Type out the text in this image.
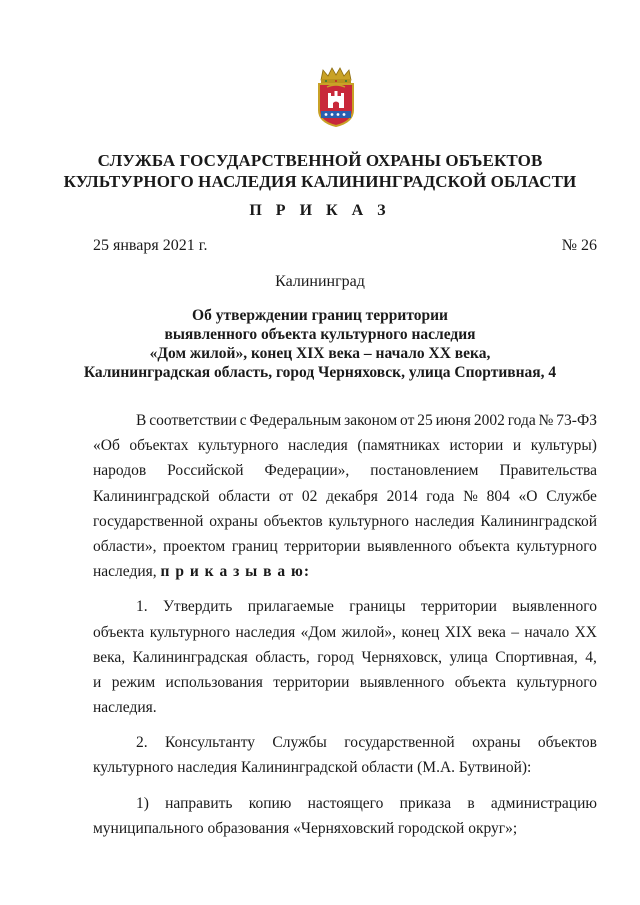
СЛУЖБА ГОСУДАРСТВЕННОЙ ОХРАНЫ ОБЪЕКТОВ
КУЛЬТУРНОГО НАСЛЕДИЯ КАЛИНИНГРАДСКОЙ ОБЛАСТИ
П Р И К А З
25 января 2021 г.	№ 26
Калининград
Об утверждении границ территории
выявленного объекта культурного наследия
«Дом жилой», конец XIX века – начало XX века,
Калининградская область, город Черняховск, улица Спортивная, 4
В соответствии с Федеральным законом от 25 июня 2002 года № 73-ФЗ
«Об объектах культурного наследия (памятниках истории и культуры)
народов Российской Федерации», постановлением Правительства
Калининградской области от 02 декабря 2014 года № 804 «О Службе
государственной охраны объектов культурного наследия Калининградской
области», проектом границ территории выявленного объекта культурного
наследия, п р и к а з ы в а ю:
1. Утвердить прилагаемые границы территории выявленного
объекта культурного наследия «Дом жилой», конец XIX века – начало XX
века, Калининградская область, город Черняховск, улица Спортивная, 4,
и режим использования территории выявленного объекта культурного
наследия.
2. Консультанту Службы государственной охраны объектов
культурного наследия Калининградской области (М.А. Бутвиной):
1) направить копию настоящего приказа в администрацию
муниципального образования «Черняховский городской округ»;
